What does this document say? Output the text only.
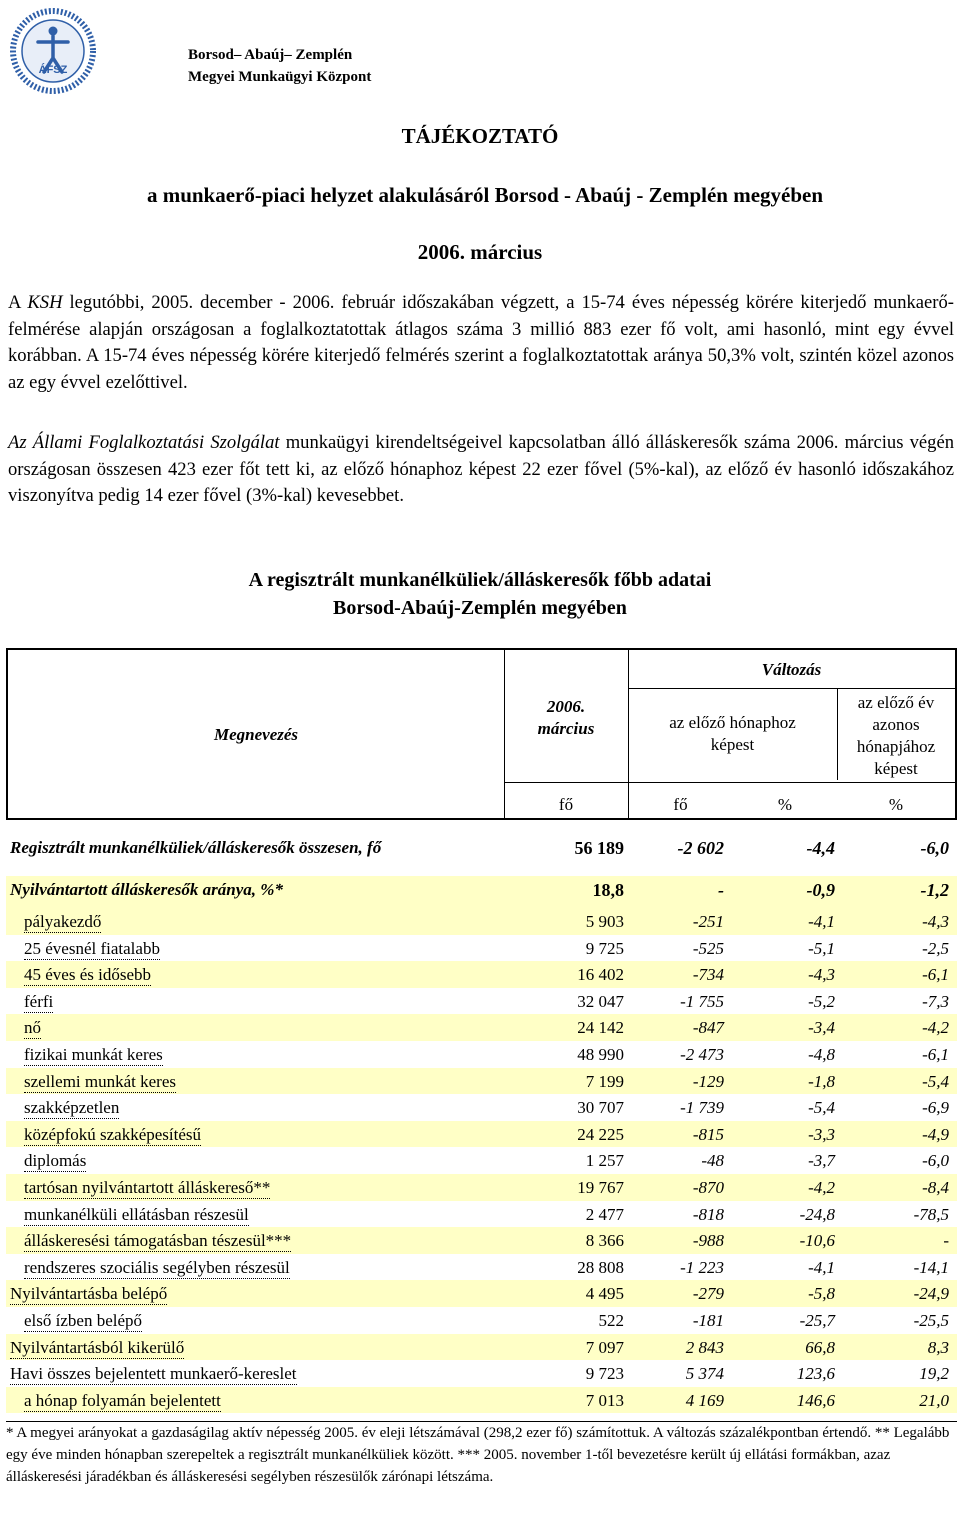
ÁFSZ
Borsod– Abaúj– Zemplén
Megyei Munkaügyi Központ
TÁJÉKOZTATÓ
a munkaerő-piaci helyzet alakulásáról Borsod - Abaúj - Zemplén megyében
2006. március
A KSH legutóbbi, 2005. december - 2006. február időszakában végzett, a 15-74 éves népesség körére kiterjedő munkaerő-felmérése alapján országosan a foglalkoztatottak átlagos száma 3 millió 883 ezer fő volt, ami hasonló, mint egy évvel korábban. A 15-74 éves népesség körére kiterjedő felmérés szerint a foglalkoztatottak aránya 50,3% volt, szintén közel azonos az egy évvel ezelőttivel.
Az Állami Foglalkoztatási Szolgálat munkaügyi kirendeltségeivel kapcsolatban álló álláskeresők száma 2006. március végén országosan összesen 423 ezer főt tett ki, az előző hónaphoz képest 22 ezer fővel (5%-kal), az előző év hasonló időszakához viszonyítva pedig 14 ezer fővel (3%-kal) kevesebbet.
A regisztrált munkanélküliek/álláskeresők főbb adatai
Borsod-Abaúj-Zemplén megyében
Megnevezés
2006.
március
Változás
az előző hónaphoz
képest
az előző év
azonos
hónapjához
képest
fő	fő	%	%
Regisztrált munkanélküliek/álláskeresők összesen, fő	56 189	-2 602	-4,4	-6,0
Nyilvántartott álláskeresők aránya, %*	18,8	-	-0,9	-1,2
pályakezdő	5 903	-251	-4,1	-4,3
25 évesnél fiatalabb	9 725	-525	-5,1	-2,5
45 éves és idősebb	16 402	-734	-4,3	-6,1
férfi	32 047	-1 755	-5,2	-7,3
nő	24 142	-847	-3,4	-4,2
fizikai munkát keres	48 990	-2 473	-4,8	-6,1
szellemi munkát keres	7 199	-129	-1,8	-5,4
szakképzetlen	30 707	-1 739	-5,4	-6,9
középfokú szakképesítésű	24 225	-815	-3,3	-4,9
diplomás	1 257	-48	-3,7	-6,0
tartósan nyilvántartott álláskereső**	19 767	-870	-4,2	-8,4
munkanélküli ellátásban részesül	2 477	-818	-24,8	-78,5
álláskeresési támogatásban tészesül***	8 366	-988	-10,6	-
rendszeres szociális segélyben részesül	28 808	-1 223	-4,1	-14,1
Nyilvántartásba belépő	4 495	-279	-5,8	-24,9
első ízben belépő	522	-181	-25,7	-25,5
Nyilvántartásból kikerülő	7 097	2 843	66,8	8,3
Havi összes bejelentett munkaerő-kereslet	9 723	5 374	123,6	19,2
a hónap folyamán bejelentett	7 013	4 169	146,6	21,0
* A megyei arányokat a gazdaságilag aktív népesség 2005. év eleji létszámával (298,2 ezer fő) számítottuk. A változás százalékpontban értendő. ** Legalább egy éve minden hónapban szerepeltek a regisztrált munkanélküliek között. *** 2005. november 1-től bevezetésre került új ellátási formákban, azaz álláskeresési járadékban és álláskeresési segélyben részesülők zárónapi létszáma.
